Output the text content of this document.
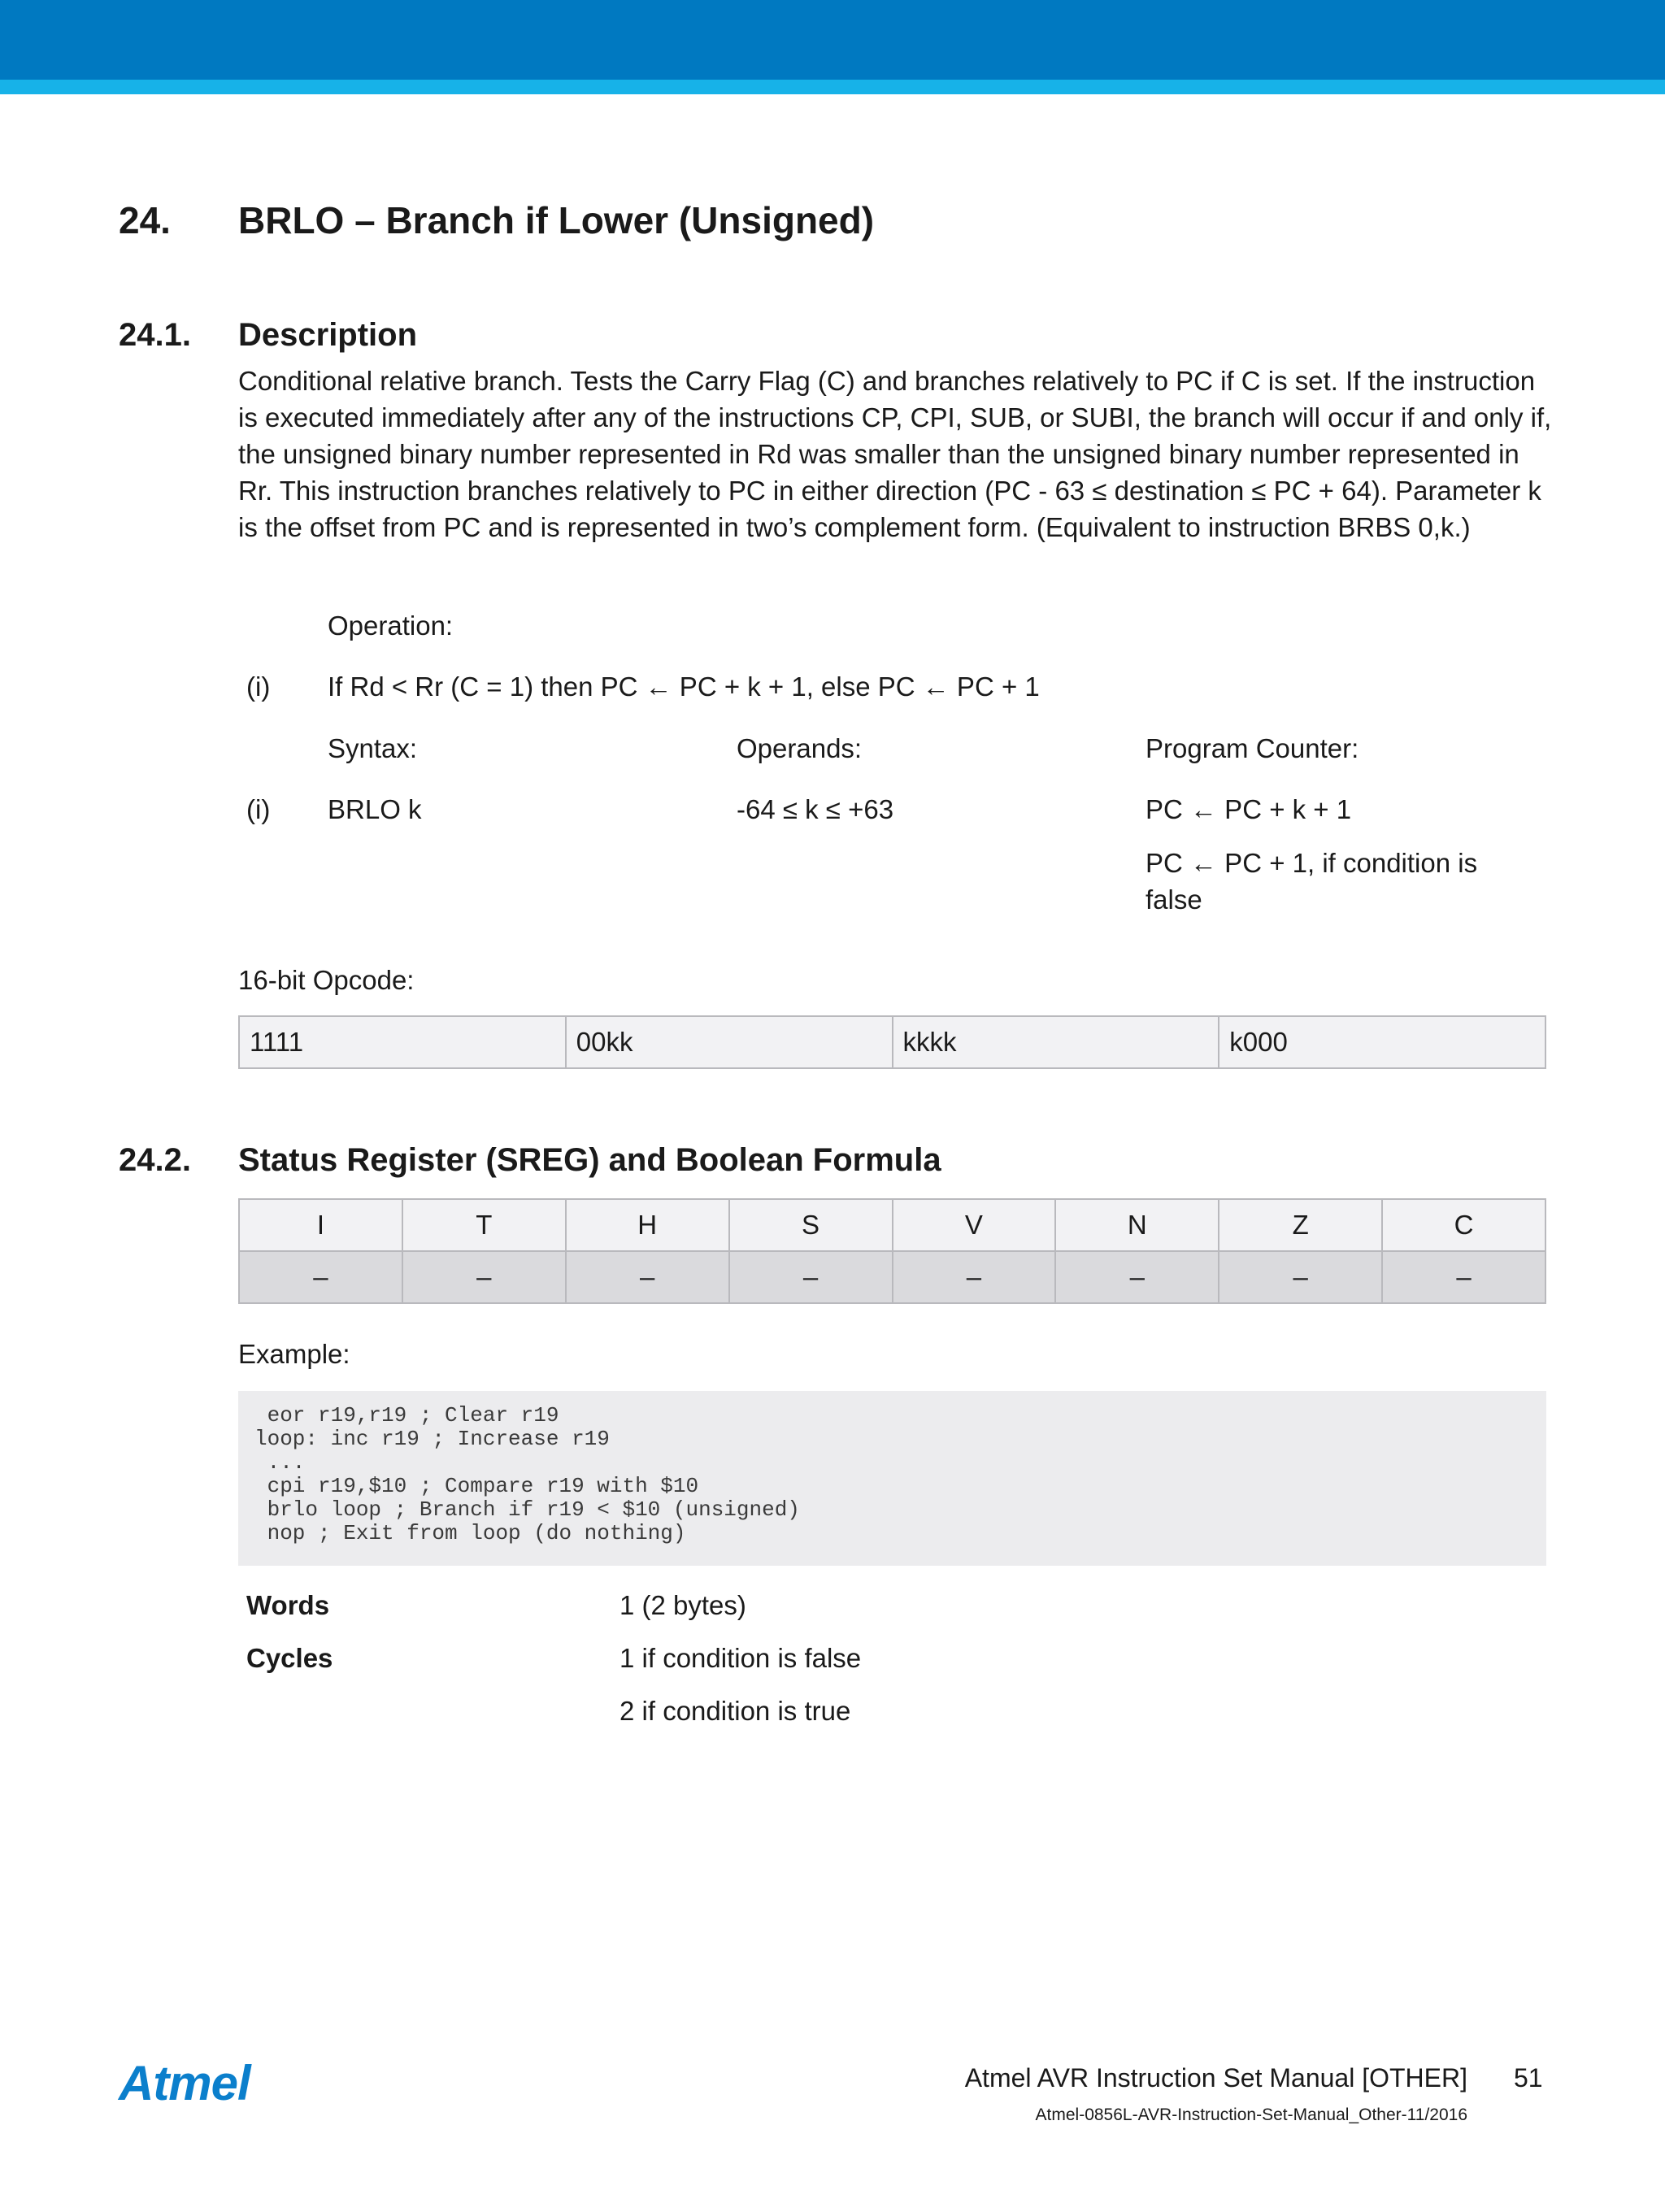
24. BRLO – Branch if Lower (Unsigned)
24.1. Description

Conditional relative branch. Tests the Carry Flag (C) and branches relatively to PC if C is set. If the instruction is executed immediately after any of the instructions CP, CPI, SUB, or SUBI, the branch will occur if and only if, the unsigned binary number represented in Rd was smaller than the unsigned binary number represented in Rr. This instruction branches relatively to PC in either direction (PC - 63 ≤ destination ≤ PC + 64). Parameter k is the offset from PC and is represented in two’s complement form. (Equivalent to instruction BRBS 0,k.)

Operation:
(i) If Rd < Rr (C = 1) then PC ← PC + k + 1, else PC ← PC + 1
Syntax:	Operands:	Program Counter:
(i) BRLO k	-64 ≤ k ≤ +63	PC ← PC + k + 1
PC ← PC + 1, if condition is false
16-bit Opcode:
1111	00kk	kkkk	k000
24.2. Status Register (SREG) and Boolean Formula
I	T	H	S	V	N	Z	C
–	–	–	–	–	–	–	–
Example:
eor r19,r19 ; Clear r19
loop: inc r19 ; Increase r19
...
cpi r19,$10 ; Compare r19 with $10
brlo loop ; Branch if r19 < $10 (unsigned)
nop ; Exit from loop (do nothing)
Words	1 (2 bytes)
Cycles	1 if condition is false
2 if condition is true
Atmel	Atmel AVR Instruction Set Manual [OTHER] 51
Atmel-0856L-AVR-Instruction-Set-Manual_Other-11/2016
